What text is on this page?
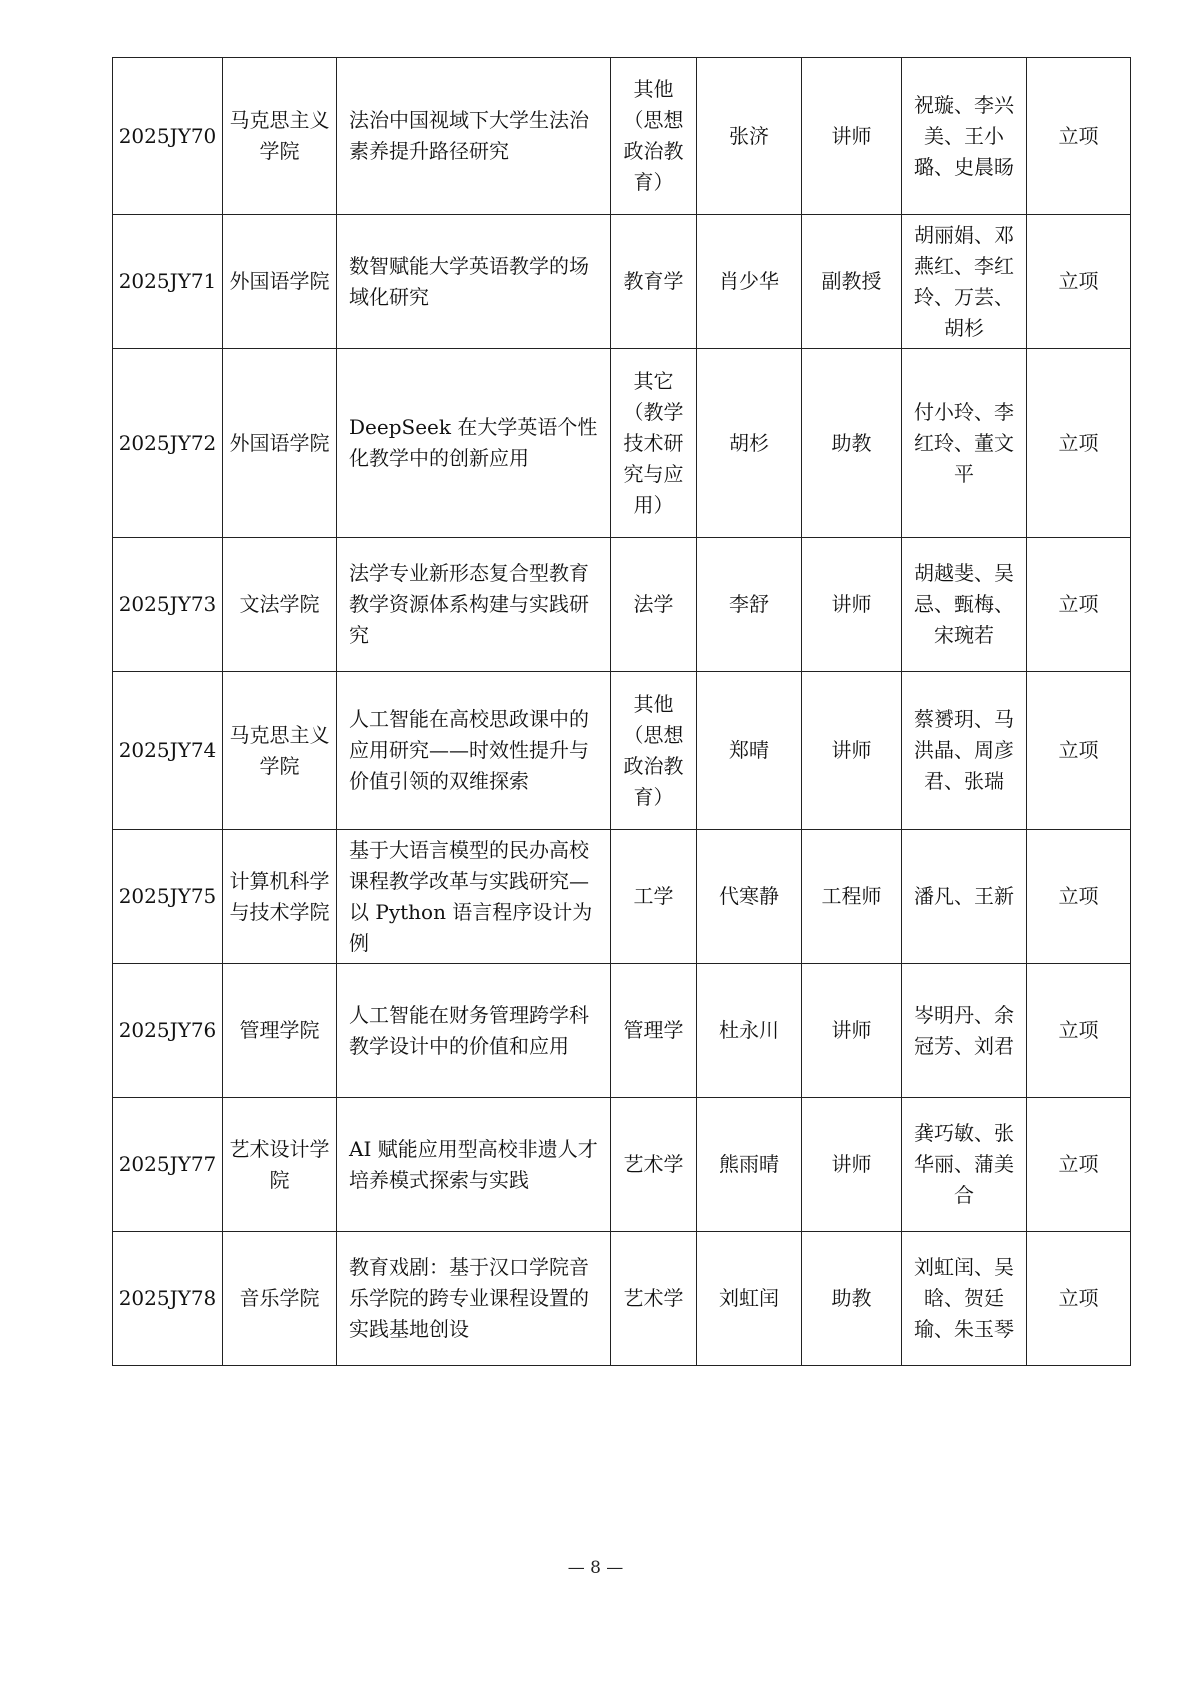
2025JY70	马克思主义学院	法治中国视域下大学生法治素养提升路径研究	其他（思想政治教育）	张济	讲师	祝璇、李兴美、王小璐、史晨旸	立项
2025JY71	外国语学院	数智赋能大学英语教学的场域化研究	教育学	肖少华	副教授	胡丽娟、邓燕红、李红玲、万芸、胡杉	立项
2025JY72	外国语学院	DeepSeek 在大学英语个性化教学中的创新应用	其它（教学技术研究与应用）	胡杉	助教	付小玲、李红玲、董文平	立项
2025JY73	文法学院	法学专业新形态复合型教育教学资源体系构建与实践研究	法学	李舒	讲师	胡越斐、吴忌、甄梅、宋琬若	立项
2025JY74	马克思主义学院	人工智能在高校思政课中的应用研究——时效性提升与价值引领的双维探索	其他（思想政治教育）	郑晴	讲师	蔡赟玥、马洪晶、周彦君、张瑞	立项
2025JY75	计算机科学与技术学院	基于大语言模型的民办高校课程教学改革与实践研究—以 Python 语言程序设计为例	工学	代寒静	工程师	潘凡、王新	立项
2025JY76	管理学院	人工智能在财务管理跨学科教学设计中的价值和应用	管理学	杜永川	讲师	岑明丹、余冠芳、刘君	立项
2025JY77	艺术设计学院	AI 赋能应用型高校非遗人才培养模式探索与实践	艺术学	熊雨晴	讲师	龚巧敏、张华丽、蒲美合	立项
2025JY78	音乐学院	教育戏剧：基于汉口学院音乐学院的跨专业课程设置的实践基地创设	艺术学	刘虹闰	助教	刘虹闰、吴晗、贺廷瑜、朱玉琴	立项
— 8 —
